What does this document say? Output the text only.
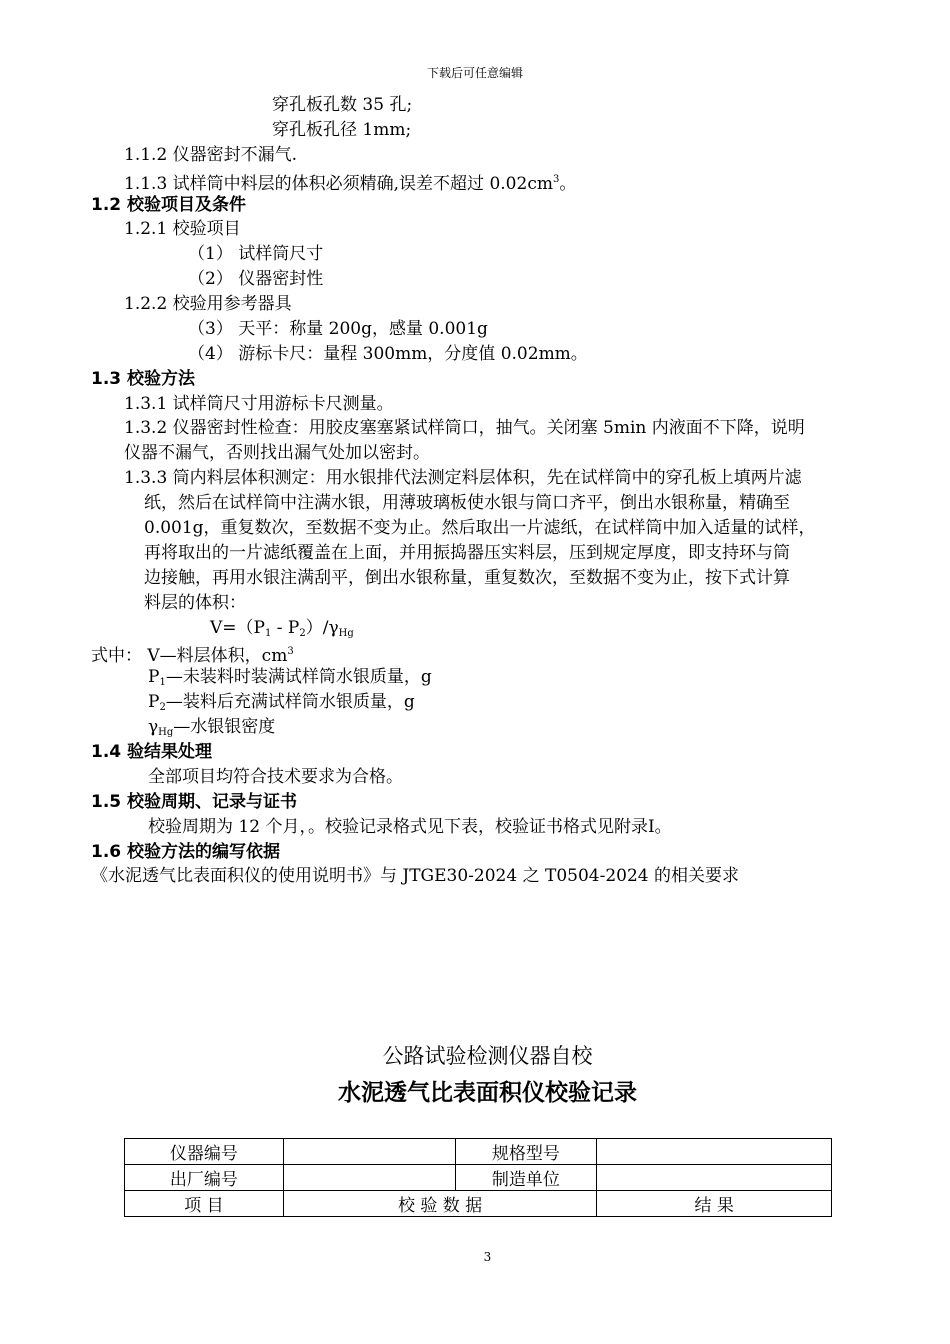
下载后可任意编辑
穿孔板孔数 35 孔;
穿孔板孔径 1mm;
1.1.2 仪器密封不漏气.
1.1.3 试样筒中料层的体积必须精确,误差不超过 $0.02cm^3$。
1.2 校验项目及条件
1.2.1 校验项目
（1） 试样筒尺寸
（2） 仪器密封性
1.2.2 校验用参考器具
（3） 天平：称量 200g，感量 0.001g
（4） 游标卡尺：量程 300mm，分度值 0.02mm。
1.3 校验方法
1.3.1 试样筒尺寸用游标卡尺测量。
1.3.2 仪器密封性检查：用胶皮塞塞紧试样筒口，抽气。关闭塞 5min 内液面不下降，说明
仪器不漏气，否则找出漏气处加以密封。
1.3.3 筒内料层体积测定：用水银排代法测定料层体积，先在试样筒中的穿孔板上填两片滤
纸，然后在试样筒中注满水银，用薄玻璃板使水银与筒口齐平，倒出水银称量，精确至
0.001g，重复数次，至数据不变为止。然后取出一片滤纸，在试样筒中加入适量的试样，
再将取出的一片滤纸覆盖在上面，并用振捣器压实料层，压到规定厚度，即支持环与筒
边接触，再用水银注满刮平，倒出水银称量，重复数次，至数据不变为止，按下式计算
料层的体积：
$V=(P_1 - P_2)/\gamma_{Hg}$
式中： V—料层体积，$cm^3$
$P_1—$未装料时装满试样筒水银质量，g
$P_2—$装料后充满试样筒水银质量，g
$\gamma_{Hg}—$水银银密度
1.4 验结果处理
全部项目均符合技术要求为合格。
1.5 校验周期、记录与证书
校验周期为 12 个月，。校验记录格式见下表，校验证书格式见附录Ⅰ。
1.6 校验方法的编写依据
《水泥透气比表面积仪的使用说明书》与 JTGE30-2024 之 T0504-2024 的相关要求
公路试验检测仪器自校
水泥透气比表面积仪校验记录
仪器编号		规格型号	
出厂编号		制造单位	
项 目	校 验 数 据		结 果
3
